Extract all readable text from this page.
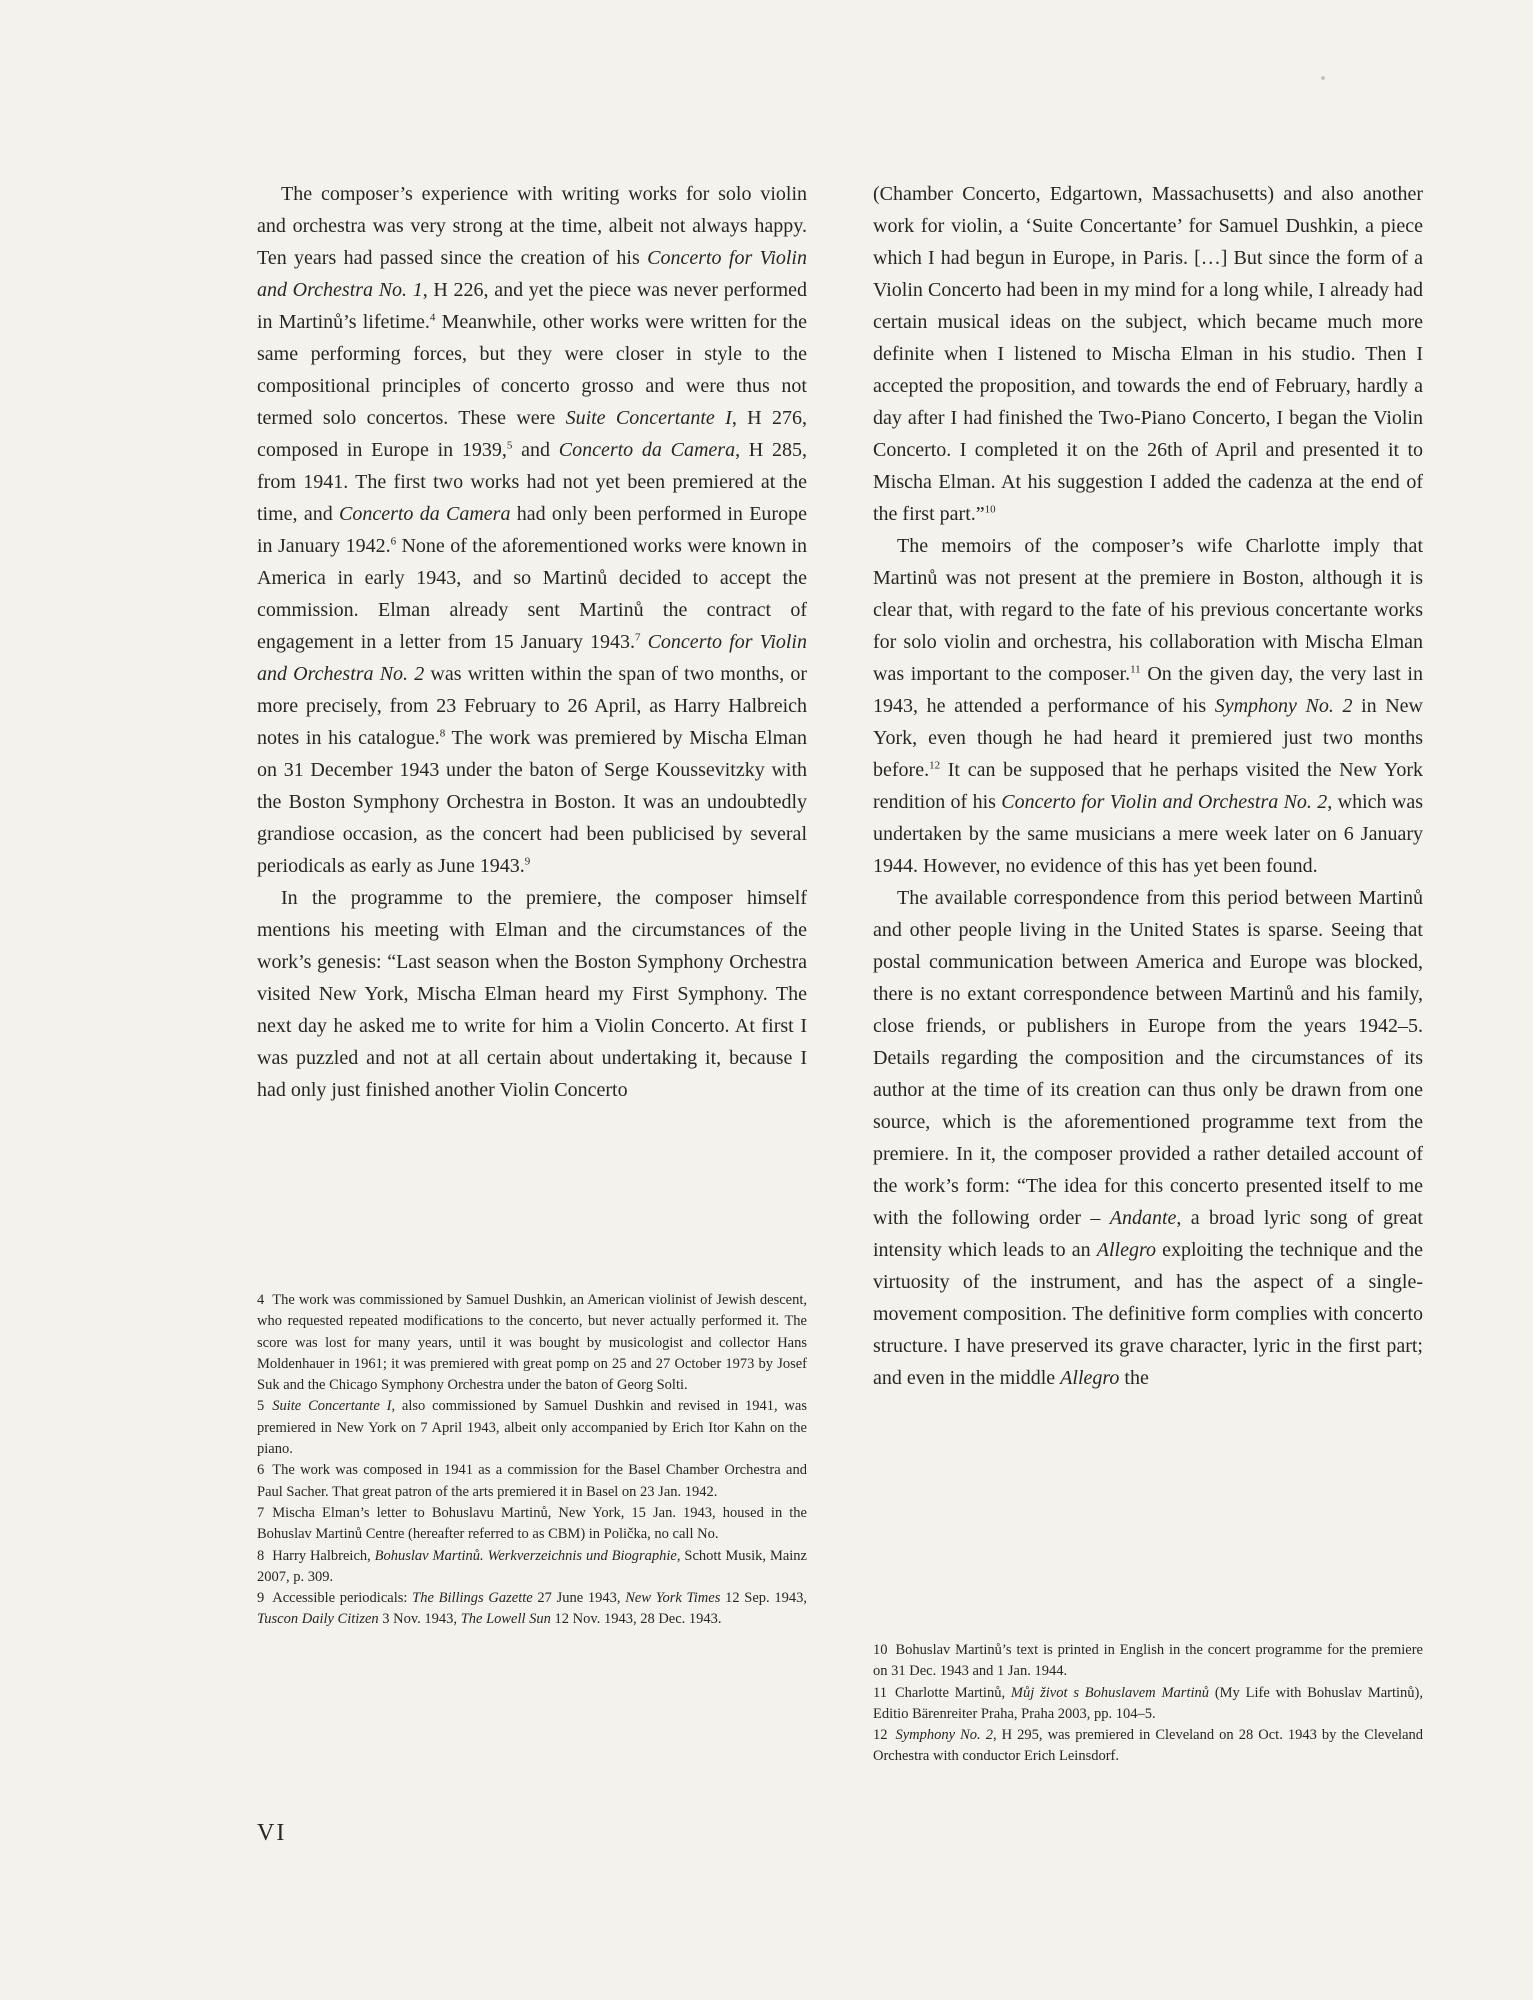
The composer’s experience with writing works for solo violin and orchestra was very strong at the time, albeit not always happy. Ten years had passed since the creation of his Concerto for Violin and Orchestra No. 1, H 226, and yet the piece was never performed in Martinů’s lifetime.$^4$ Meanwhile, other works were written for the same performing forces, but they were closer in style to the compositional principles of concerto grosso and were thus not termed solo concertos. These were Suite Concertante I, H 276, composed in Europe in 1939,$^5$ and Concerto da Camera, H 285, from 1941. The first two works had not yet been premiered at the time, and Concerto da Camera had only been performed in Europe in January 1942.$^6$ None of the aforementioned works were known in America in early 1943, and so Martinů decided to accept the commission. Elman already sent Martinů the contract of engagement in a letter from 15 January 1943.$^7$ Concerto for Violin and Orchestra No. 2 was written within the span of two months, or more precisely, from 23 February to 26 April, as Harry Halbreich notes in his catalogue.$^8$ The work was premiered by Mischa Elman on 31 December 1943 under the baton of Serge Koussevitzky with the Boston Symphony Orchestra in Boston. It was an undoubtedly grandiose occasion, as the concert had been publicised by several periodicals as early as June 1943.$^9$

In the programme to the premiere, the composer himself mentions his meeting with Elman and the circumstances of the work’s genesis: “Last season when the Boston Symphony Orchestra visited New York, Mischa Elman heard my First Symphony. The next day he asked me to write for him a Violin Concerto. At first I was puzzled and not at all certain about undertaking it, because I had only just finished another Violin Concerto

4 The work was commissioned by Samuel Dushkin, an American violinist of Jewish descent, who requested repeated modifications to the concerto, but never actually performed it. The score was lost for many years, until it was bought by musicologist and collector Hans Moldenhauer in 1961; it was premiered with great pomp on 25 and 27 October 1973 by Josef Suk and the Chicago Symphony Orchestra under the baton of Georg Solti.

5 Suite Concertante I, also commissioned by Samuel Dushkin and revised in 1941, was premiered in New York on 7 April 1943, albeit only accompanied by Erich Itor Kahn on the piano.

6 The work was composed in 1941 as a commission for the Basel Chamber Orchestra and Paul Sacher. That great patron of the arts premiered it in Basel on 23 Jan. 1942.

7 Mischa Elman’s letter to Bohuslavu Martinů, New York, 15 Jan. 1943, housed in the Bohuslav Martinů Centre (hereafter referred to as CBM) in Polička, no call No.

8 Harry Halbreich, Bohuslav Martinů. Werkverzeichnis und Biographie, Schott Musik, Mainz 2007, p. 309.

9 Accessible periodicals: The Billings Gazette 27 June 1943, New York Times 12 Sep. 1943, Tuscon Daily Citizen 3 Nov. 1943, The Lowell Sun 12 Nov. 1943, 28 Dec. 1943.

(Chamber Concerto, Edgartown, Massachusetts) and also another work for violin, a ‘Suite Concertante’ for Samuel Dushkin, a piece which I had begun in Europe, in Paris. […] But since the form of a Violin Concerto had been in my mind for a long while, I already had certain musical ideas on the subject, which became much more definite when I listened to Mischa Elman in his studio. Then I accepted the proposition, and towards the end of February, hardly a day after I had finished the Two-Piano Concerto, I began the Violin Concerto. I completed it on the 26th of April and presented it to Mischa Elman. At his suggestion I added the cadenza at the end of the first part.”$^{10}$

The memoirs of the composer’s wife Charlotte imply that Martinů was not present at the premiere in Boston, although it is clear that, with regard to the fate of his previous concertante works for solo violin and orchestra, his collaboration with Mischa Elman was important to the composer.$^{11}$ On the given day, the very last in 1943, he attended a performance of his Symphony No. 2 in New York, even though he had heard it premiered just two months before.$^{12}$ It can be supposed that he perhaps visited the New York rendition of his Concerto for Violin and Orchestra No. 2, which was undertaken by the same musicians a mere week later on 6 January 1944. However, no evidence of this has yet been found.

The available correspondence from this period between Martinů and other people living in the United States is sparse. Seeing that postal communication between America and Europe was blocked, there is no extant correspondence between Martinů and his family, close friends, or publishers in Europe from the years 1942–5. Details regarding the composition and the circumstances of its author at the time of its creation can thus only be drawn from one source, which is the aforementioned programme text from the premiere. In it, the composer provided a rather detailed account of the work’s form: “The idea for this concerto presented itself to me with the following order – Andante, a broad lyric song of great intensity which leads to an Allegro exploiting the technique and the virtuosity of the instrument, and has the aspect of a single-movement composition. The definitive form complies with concerto structure. I have preserved its grave character, lyric in the first part; and even in the middle Allegro the

10 Bohuslav Martinů’s text is printed in English in the concert programme for the premiere on 31 Dec. 1943 and 1 Jan. 1944.

11 Charlotte Martinů, Můj život s Bohuslavem Martinů (My Life with Bohuslav Martinů), Editio Bärenreiter Praha, Praha 2003, pp. 104–5.

12 Symphony No. 2, H 295, was premiered in Cleveland on 28 Oct. 1943 by the Cleveland Orchestra with conductor Erich Leinsdorf.

VI
